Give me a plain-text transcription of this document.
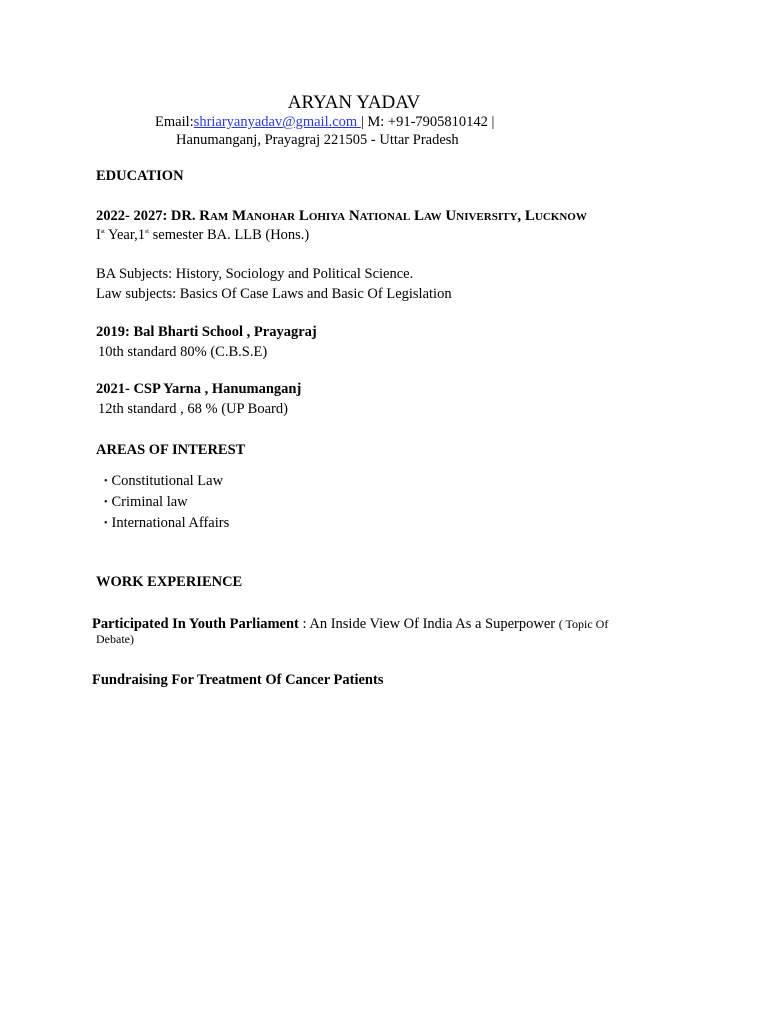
ARYAN YADAV
Email:shriaryanyadav@gmail.com | M: +91-7905810142 |
Hanumanganj, Prayagraj 221505 - Uttar Pradesh
EDUCATION
2022- 2027: DR. Ram Manohar Lohiya National Law University, Lucknow
Ist Year,1st semester BA. LLB (Hons.)
BA Subjects: History, Sociology and Political Science.
Law subjects: Basics Of Case Laws and Basic Of Legislation
2019: Bal Bharti School , Prayagraj
10th standard 80% (C.B.S.E)
2021- CSP Yarna , Hanumanganj
12th standard , 68 % (UP Board)
AREAS OF INTEREST
• Constitutional Law
• Criminal law
• International Affairs
WORK EXPERIENCE
Participated In Youth Parliament : An Inside View Of India As a Superpower ( Topic Of
Debate)
Fundraising For Treatment Of Cancer Patients
